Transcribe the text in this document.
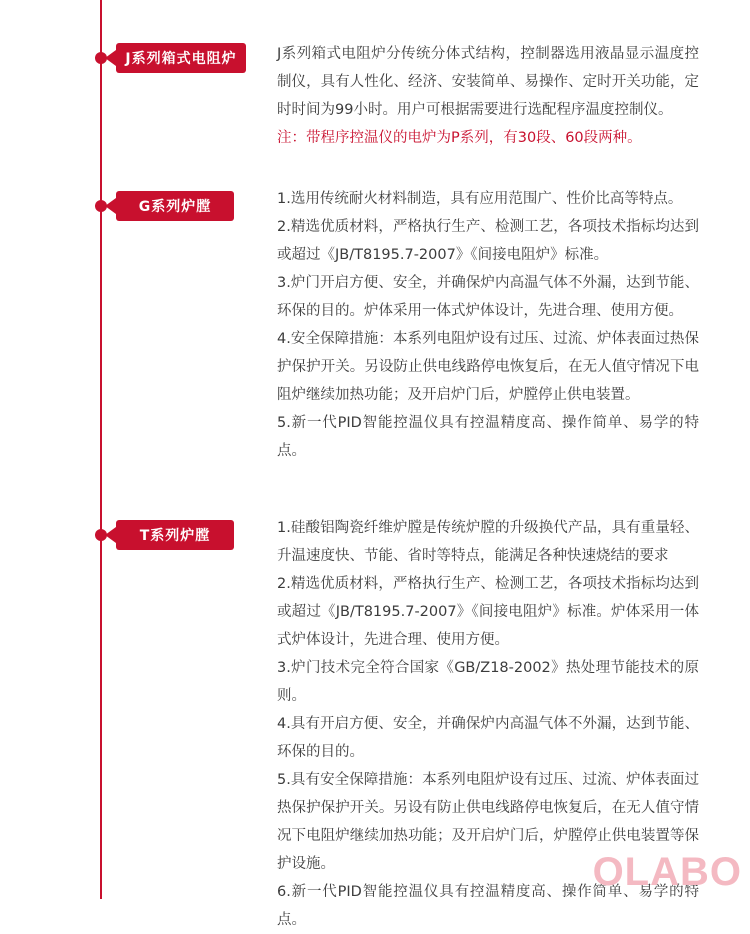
J系列箱式电阻炉	J系列箱式电阻炉分传统分体式结构，控制器选用液晶显示温度控制仪，具有人性化、经济、安装简单、易操作、定时开关功能，定时时间为99小时。用户可根据需要进行选配程序温度控制仪。

注：带程序控温仪的电炉为P系列，有30段、60段两种。

G系列炉膛	1.选用传统耐火材料制造，具有应用范围广、性价比高等特点。

2.精选优质材料，严格执行生产、检测工艺，各项技术指标均达到或超过《JB/T8195.7-2007》《间接电阻炉》标准。

3.炉门开启方便、安全，并确保炉内高温气体不外漏，达到节能、环保的目的。炉体采用一体式炉体设计，先进合理、使用方便。

4.安全保障措施：本系列电阻炉设有过压、过流、炉体表面过热保护保护开关。另设防止供电线路停电恢复后，在无人值守情况下电阻炉继续加热功能；及开启炉门后，炉膛停止供电装置。

5.新一代PID智能控温仪具有控温精度高、操作简单、易学的特点。

T系列炉膛	1.硅酸铝陶瓷纤维炉膛是传统炉膛的升级换代产品，具有重量轻、升温速度快、节能、省时等特点，能满足各种快速烧结的要求

2.精选优质材料，严格执行生产、检测工艺，各项技术指标均达到或超过《JB/T8195.7-2007》《间接电阻炉》标准。炉体采用一体式炉体设计，先进合理、使用方便。

3.炉门技术完全符合国家《GB/Z18-2002》热处理节能技术的原则。

4.具有开启方便、安全，并确保炉内高温气体不外漏，达到节能、环保的目的。

5.具有安全保障措施：本系列电阻炉设有过压、过流、炉体表面过热保护保护开关。另设有防止供电线路停电恢复后，在无人值守情况下电阻炉继续加热功能；及开启炉门后，炉膛停止供电装置等保护设施。

6.新一代PID智能控温仪具有控温精度高、操作简单、易学的特点。

OLABO
